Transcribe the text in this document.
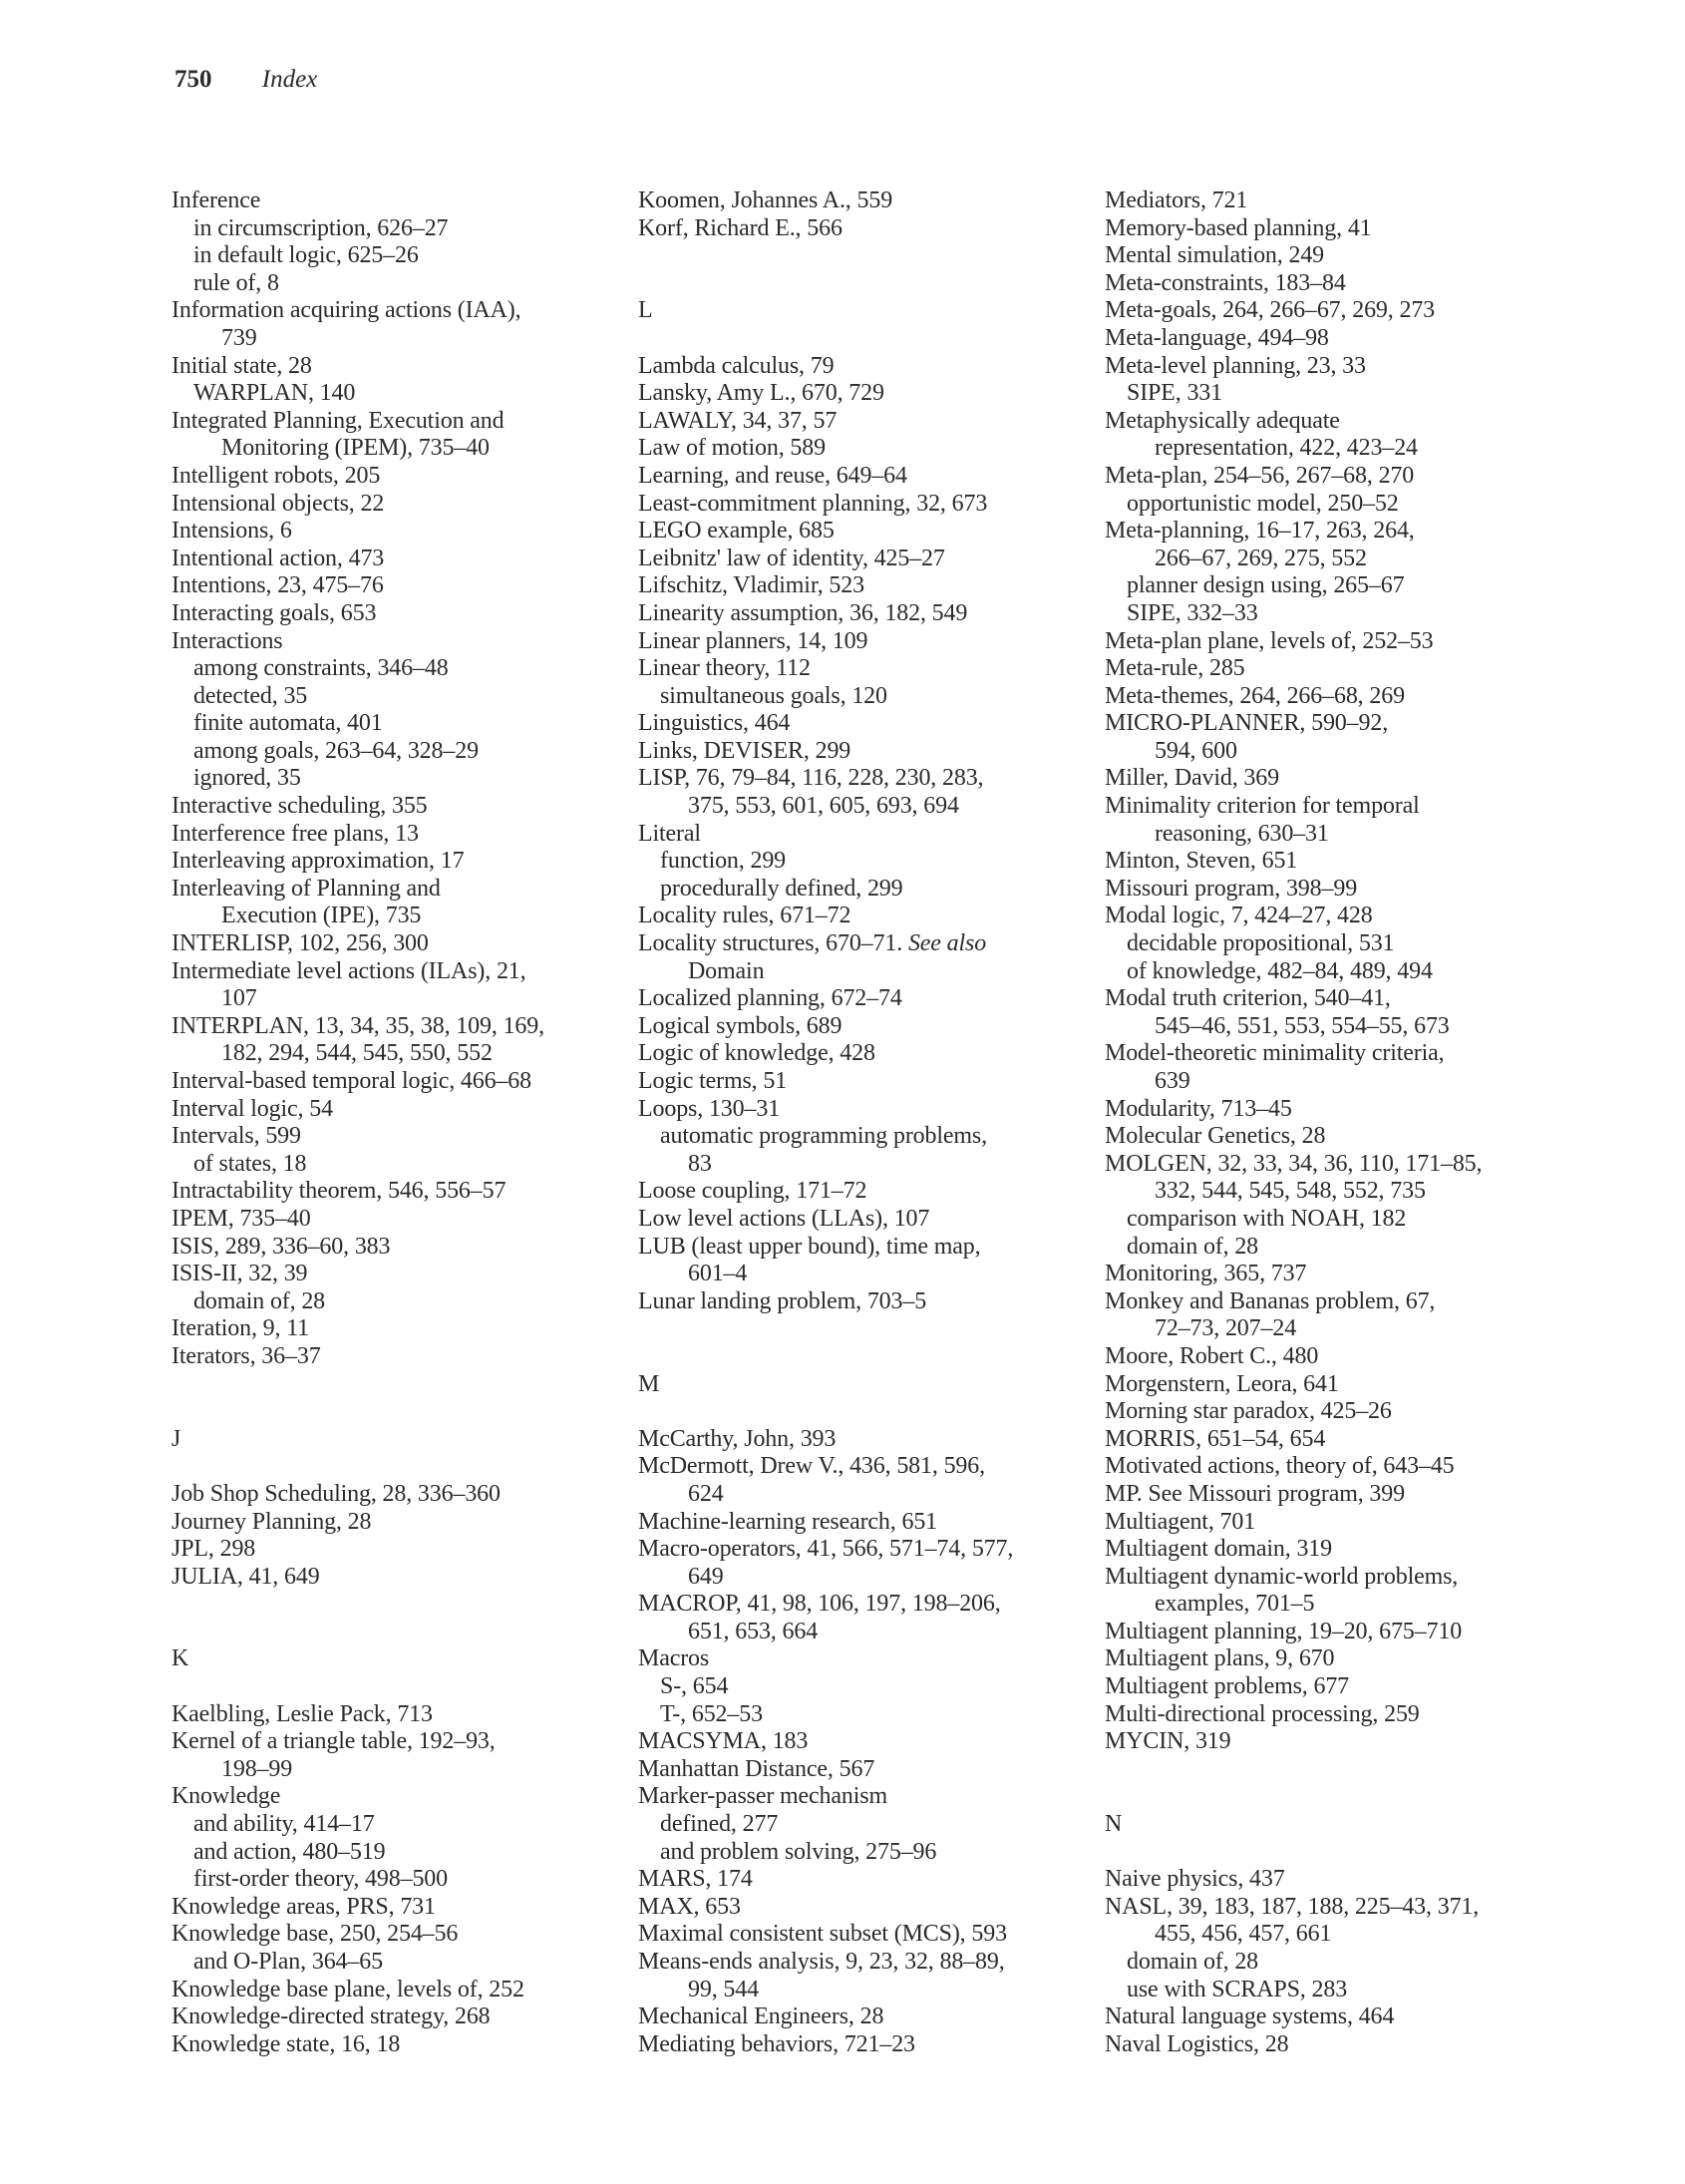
750 Index
Inference
in circumscription, 626–27
in default logic, 625–26
rule of, 8
Information acquiring actions (IAA),
739
Initial state, 28
WARPLAN, 140
Integrated Planning, Execution and
Monitoring (IPEM), 735–40
Intelligent robots, 205
Intensional objects, 22
Intensions, 6
Intentional action, 473
Intentions, 23, 475–76
Interacting goals, 653
Interactions
among constraints, 346–48
detected, 35
finite automata, 401
among goals, 263–64, 328–29
ignored, 35
Interactive scheduling, 355
Interference free plans, 13
Interleaving approximation, 17
Interleaving of Planning and
Execution (IPE), 735
INTERLISP, 102, 256, 300
Intermediate level actions (ILAs), 21,
107
INTERPLAN, 13, 34, 35, 38, 109, 169,
182, 294, 544, 545, 550, 552
Interval-based temporal logic, 466–68
Interval logic, 54
Intervals, 599
of states, 18
Intractability theorem, 546, 556–57
IPEM, 735–40
ISIS, 289, 336–60, 383
ISIS-II, 32, 39
domain of, 28
Iteration, 9, 11
Iterators, 36–37
J
Job Shop Scheduling, 28, 336–360
Journey Planning, 28
JPL, 298
JULIA, 41, 649
K
Kaelbling, Leslie Pack, 713
Kernel of a triangle table, 192–93,
198–99
Knowledge
and ability, 414–17
and action, 480–519
first-order theory, 498–500
Knowledge areas, PRS, 731
Knowledge base, 250, 254–56
and O-Plan, 364–65
Knowledge base plane, levels of, 252
Knowledge-directed strategy, 268
Knowledge state, 16, 18
Koomen, Johannes A., 559
Korf, Richard E., 566
L
Lambda calculus, 79
Lansky, Amy L., 670, 729
LAWALY, 34, 37, 57
Law of motion, 589
Learning, and reuse, 649–64
Least-commitment planning, 32, 673
LEGO example, 685
Leibnitz' law of identity, 425–27
Lifschitz, Vladimir, 523
Linearity assumption, 36, 182, 549
Linear planners, 14, 109
Linear theory, 112
simultaneous goals, 120
Linguistics, 464
Links, DEVISER, 299
LISP, 76, 79–84, 116, 228, 230, 283,
375, 553, 601, 605, 693, 694
Literal
function, 299
procedurally defined, 299
Locality rules, 671–72
Locality structures, 670–71. See also
Domain
Localized planning, 672–74
Logical symbols, 689
Logic of knowledge, 428
Logic terms, 51
Loops, 130–31
automatic programming problems,
83
Loose coupling, 171–72
Low level actions (LLAs), 107
LUB (least upper bound), time map,
601–4
Lunar landing problem, 703–5
M
McCarthy, John, 393
McDermott, Drew V., 436, 581, 596,
624
Machine-learning research, 651
Macro-operators, 41, 566, 571–74, 577,
649
MACROP, 41, 98, 106, 197, 198–206,
651, 653, 664
Macros
S-, 654
T-, 652–53
MACSYMA, 183
Manhattan Distance, 567
Marker-passer mechanism
defined, 277
and problem solving, 275–96
MARS, 174
MAX, 653
Maximal consistent subset (MCS), 593
Means-ends analysis, 9, 23, 32, 88–89,
99, 544
Mechanical Engineers, 28
Mediating behaviors, 721–23
Mediators, 721
Memory-based planning, 41
Mental simulation, 249
Meta-constraints, 183–84
Meta-goals, 264, 266–67, 269, 273
Meta-language, 494–98
Meta-level planning, 23, 33
SIPE, 331
Metaphysically adequate
representation, 422, 423–24
Meta-plan, 254–56, 267–68, 270
opportunistic model, 250–52
Meta-planning, 16–17, 263, 264,
266–67, 269, 275, 552
planner design using, 265–67
SIPE, 332–33
Meta-plan plane, levels of, 252–53
Meta-rule, 285
Meta-themes, 264, 266–68, 269
MICRO-PLANNER, 590–92,
594, 600
Miller, David, 369
Minimality criterion for temporal
reasoning, 630–31
Minton, Steven, 651
Missouri program, 398–99
Modal logic, 7, 424–27, 428
decidable propositional, 531
of knowledge, 482–84, 489, 494
Modal truth criterion, 540–41,
545–46, 551, 553, 554–55, 673
Model-theoretic minimality criteria,
639
Modularity, 713–45
Molecular Genetics, 28
MOLGEN, 32, 33, 34, 36, 110, 171–85,
332, 544, 545, 548, 552, 735
comparison with NOAH, 182
domain of, 28
Monitoring, 365, 737
Monkey and Bananas problem, 67,
72–73, 207–24
Moore, Robert C., 480
Morgenstern, Leora, 641
Morning star paradox, 425–26
MORRIS, 651–54, 654
Motivated actions, theory of, 643–45
MP. See Missouri program, 399
Multiagent, 701
Multiagent domain, 319
Multiagent dynamic-world problems,
examples, 701–5
Multiagent planning, 19–20, 675–710
Multiagent plans, 9, 670
Multiagent problems, 677
Multi-directional processing, 259
MYCIN, 319
N
Naive physics, 437
NASL, 39, 183, 187, 188, 225–43, 371,
455, 456, 457, 661
domain of, 28
use with SCRAPS, 283
Natural language systems, 464
Naval Logistics, 28
